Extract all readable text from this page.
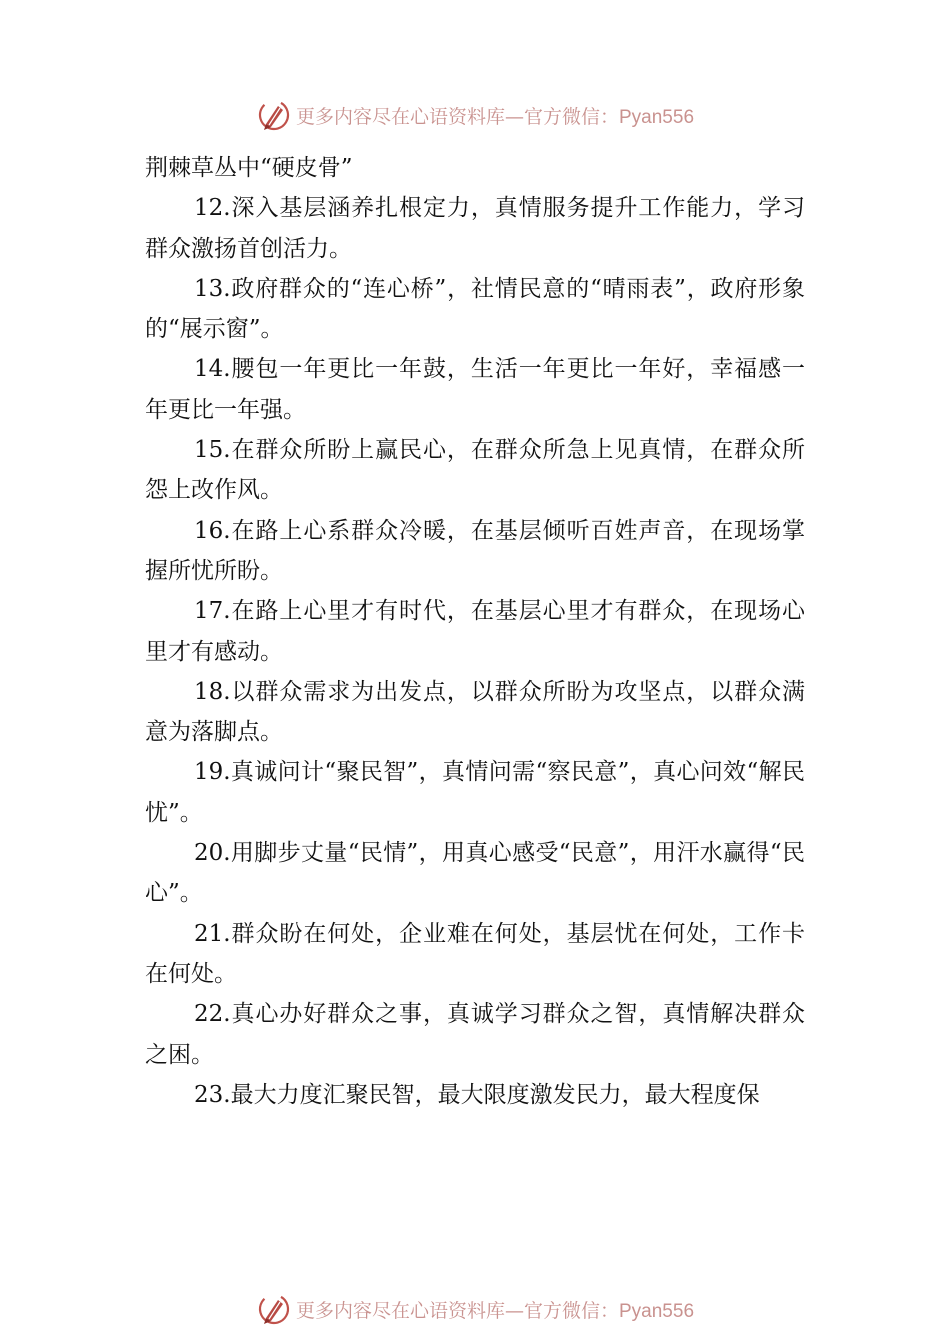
更多内容尽在心语资料库—官方微信：Pyan556

荆棘草丛中“硬皮骨”

12.深入基层涵养扎根定力，真情服务提升工作能力，学习群众激扬首创活力。

13.政府群众的“连心桥”，社情民意的“晴雨表”，政府形象的“展示窗”。

14.腰包一年更比一年鼓，生活一年更比一年好，幸福感一年更比一年强。

15.在群众所盼上赢民心，在群众所急上见真情，在群众所怨上改作风。

16.在路上心系群众冷暖，在基层倾听百姓声音，在现场掌握所忧所盼。

17.在路上心里才有时代，在基层心里才有群众，在现场心里才有感动。

18.以群众需求为出发点，以群众所盼为攻坚点，以群众满意为落脚点。

19.真诚问计“聚民智”，真情问需“察民意”，真心问效“解民忧”。

20.用脚步丈量“民情”，用真心感受“民意”，用汗水赢得“民心”。

21.群众盼在何处，企业难在何处，基层忧在何处，工作卡在何处。

22.真心办好群众之事，真诚学习群众之智，真情解决群众之困。

23.最大力度汇聚民智，最大限度激发民力，最大程度保

更多内容尽在心语资料库—官方微信：Pyan556
